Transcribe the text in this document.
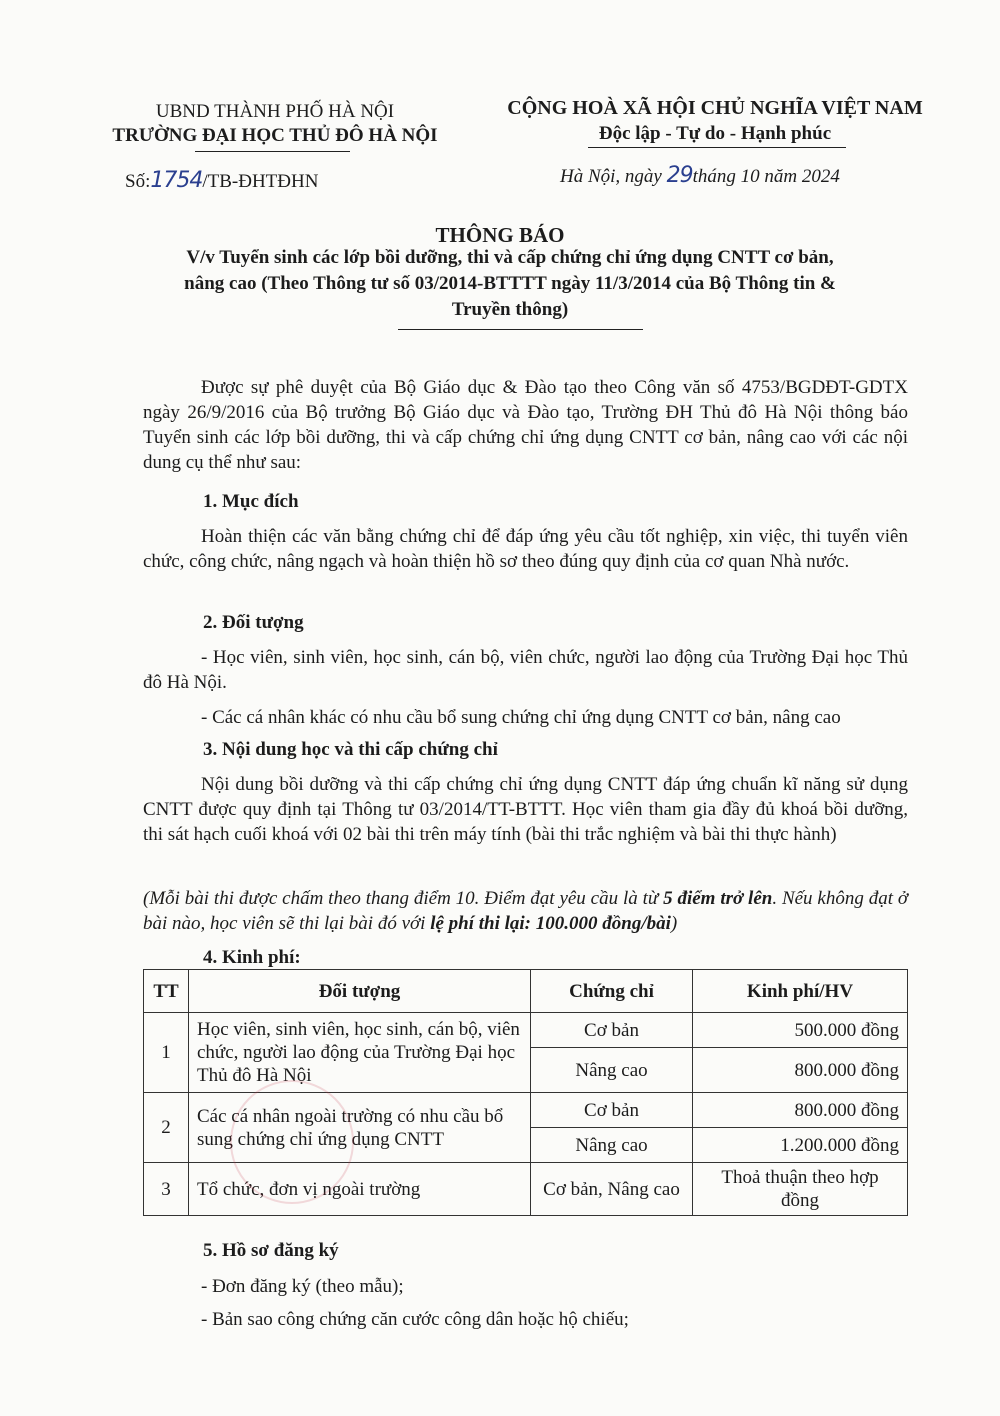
UBND THÀNH PHỐ HÀ NỘI
TRƯỜNG ĐẠI HỌC THỦ ĐÔ HÀ NỘI
CỘNG HOÀ XÃ HỘI CHỦ NGHĨA VIỆT NAM
Độc lập - Tự do - Hạnh phúc
Số:1754/TB-ĐHTĐHN	Hà Nội, ngày 29tháng 10 năm 2024
THÔNG BÁO
V/v Tuyển sinh các lớp bồi dưỡng, thi và cấp chứng chỉ ứng dụng CNTT cơ bản,
nâng cao (Theo Thông tư số 03/2014-BTTTT ngày 11/3/2014 của Bộ Thông tin &
Truyền thông)
Được sự phê duyệt của Bộ Giáo dục & Đào tạo theo Công văn số 4753/BGDĐT-GDTX ngày 26/9/2016 của Bộ trưởng Bộ Giáo dục và Đào tạo, Trường ĐH Thủ đô Hà Nội thông báo Tuyển sinh các lớp bồi dưỡng, thi và cấp chứng chỉ ứng dụng CNTT cơ bản, nâng cao với các nội dung cụ thể như sau:
1. Mục đích
Hoàn thiện các văn bằng chứng chỉ để đáp ứng yêu cầu tốt nghiệp, xin việc, thi tuyển viên chức, công chức, nâng ngạch và hoàn thiện hồ sơ theo đúng quy định của cơ quan Nhà nước.
2. Đối tượng
- Học viên, sinh viên, học sinh, cán bộ, viên chức, người lao động của Trường Đại học Thủ đô Hà Nội.
- Các cá nhân khác có nhu cầu bổ sung chứng chỉ ứng dụng CNTT cơ bản, nâng cao
3. Nội dung học và thi cấp chứng chỉ
Nội dung bồi dưỡng và thi cấp chứng chỉ ứng dụng CNTT đáp ứng chuẩn kĩ năng sử dụng CNTT được quy định tại Thông tư 03/2014/TT-BTTT. Học viên tham gia đầy đủ khoá bồi dưỡng, thi sát hạch cuối khoá với 02 bài thi trên máy tính (bài thi trắc nghiệm và bài thi thực hành)
(Mỗi bài thi được chấm theo thang điểm 10. Điểm đạt yêu cầu là từ 5 điểm trở lên. Nếu không đạt ở bài nào, học viên sẽ thi lại bài đó với lệ phí thi lại: 100.000 đồng/bài)
4. Kinh phí:
TT	Đối tượng	Chứng chỉ	Kinh phí/HV
1	Học viên, sinh viên, học sinh, cán bộ, viên chức, người lao động của Trường Đại học Thủ đô Hà Nội	Cơ bản	500.000 đồng
		Nâng cao	800.000 đồng
2	Các cá nhân ngoài trường có nhu cầu bổ sung chứng chỉ ứng dụng CNTT	Cơ bản	800.000 đồng
		Nâng cao	1.200.000 đồng
3	Tổ chức, đơn vị ngoài trường	Cơ bản, Nâng cao	Thoả thuận theo hợp đồng
5. Hồ sơ đăng ký
- Đơn đăng ký (theo mẫu);
- Bản sao công chứng căn cước công dân hoặc hộ chiếu;
